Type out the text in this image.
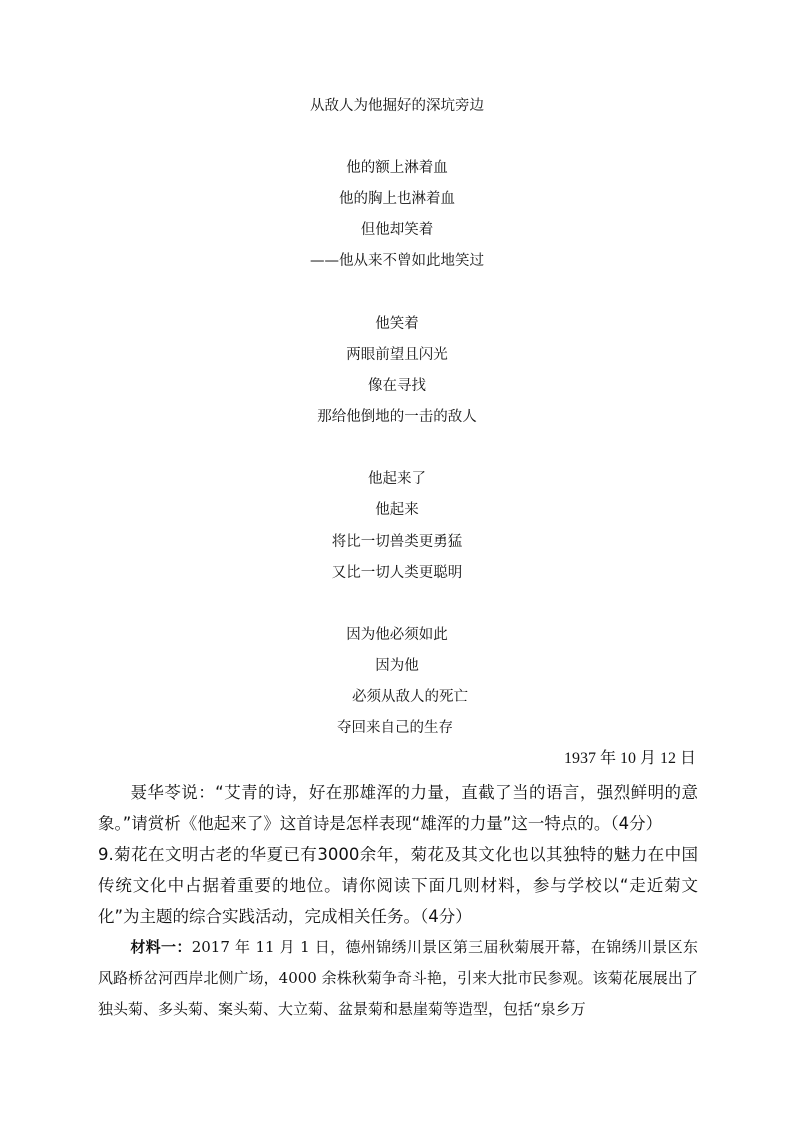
从敌人为他掘好的深坑旁边
他的额上淋着血
他的胸上也淋着血
但他却笑着
——他从来不曾如此地笑过
他笑着
两眼前望且闪光
像在寻找
那给他倒地的一击的敌人
他起来了
他起来
将比一切兽类更勇猛
又比一切人类更聪明
因为他必须如此
因为他
必须从敌人的死亡
夺回来自己的生存
1937 年 10 月 12 日
聂华苓说：“艾青的诗，好在那雄浑的力量，直截了当的语言，强烈鲜明的意象。”请赏析《他起来了》这首诗是怎样表现“雄浑的力量”这一特点的。（4分）
9.菊花在文明古老的华夏已有3000余年，菊花及其文化也以其独特的魅力在中国传统文化中占据着重要的地位。请你阅读下面几则材料，参与学校以“走近菊文化”为主题的综合实践活动，完成相关任务。（4分）
材料一：2017 年 11 月 1 日，德州锦绣川景区第三届秋菊展开幕，在锦绣川景区东风路桥岔河西岸北侧广场，4000 余株秋菊争奇斗艳，引来大批市民参观。该菊花展展出了独头菊、多头菊、案头菊、大立菊、盆景菊和悬崖菊等造型，包括“泉乡万
